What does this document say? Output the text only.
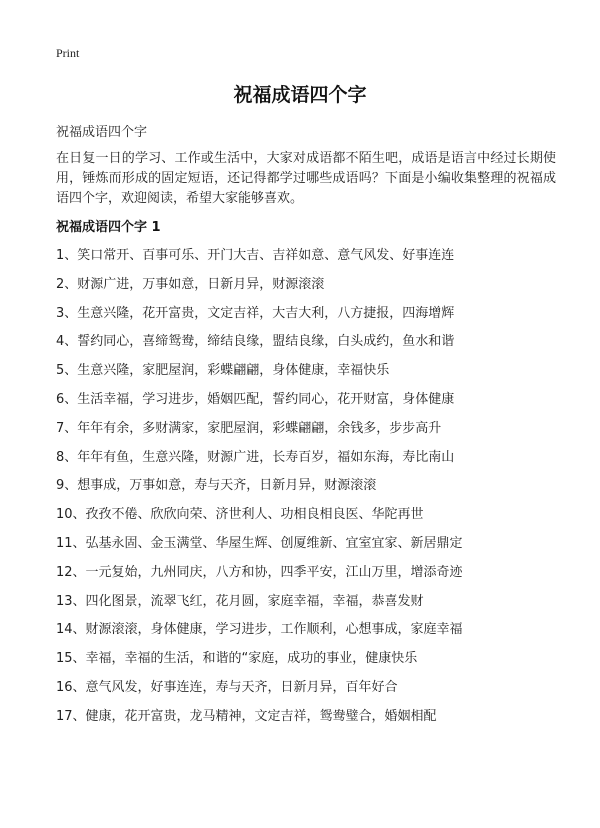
Print
祝福成语四个字

祝福成语四个字

在日复一日的学习、工作或生活中，大家对成语都不陌生吧，成语是语言中经过长期使用，锤炼而形成的固定短语，还记得都学过哪些成语吗？下面是小编收集整理的祝福成语四个字，欢迎阅读，希望大家能够喜欢。

祝福成语四个字 1
1、笑口常开、百事可乐、开门大吉、吉祥如意、意气风发、好事连连
2、财源广进，万事如意，日新月异，财源滚滚
3、生意兴隆，花开富贵，文定吉祥，大吉大利，八方捷报，四海增辉
4、誓约同心，喜缔鸳鸯，缔结良缘，盟结良缘，白头成约，鱼水和谐
5、生意兴隆，家肥屋润，彩蝶翩翩，身体健康，幸福快乐
6、生活幸福，学习进步，婚姻匹配，誓约同心，花开财富，身体健康
7、年年有余，多财满家，家肥屋润，彩蝶翩翩，余钱多，步步高升
8、年年有鱼，生意兴隆，财源广进，长寿百岁，福如东海，寿比南山
9、想事成，万事如意，寿与天齐，日新月异，财源滚滚
10、孜孜不倦、欣欣向荣、济世利人、功相良相良医、华陀再世
11、弘基永固、金玉满堂、华屋生辉、创厦维新、宜室宜家、新居鼎定
12、一元复始，九州同庆，八方和协，四季平安，江山万里，增添奇迹
13、四化图景，流翠飞红，花月圆，家庭幸福，幸福，恭喜发财
14、财源滚滚，身体健康，学习进步，工作顺利，心想事成，家庭幸福
15、幸福，幸福的生活，和谐的“家庭，成功的事业，健康快乐
16、意气风发，好事连连，寿与天齐，日新月异，百年好合
17、健康，花开富贵，龙马精神，文定吉祥，鸳鸯璧合，婚姻相配
